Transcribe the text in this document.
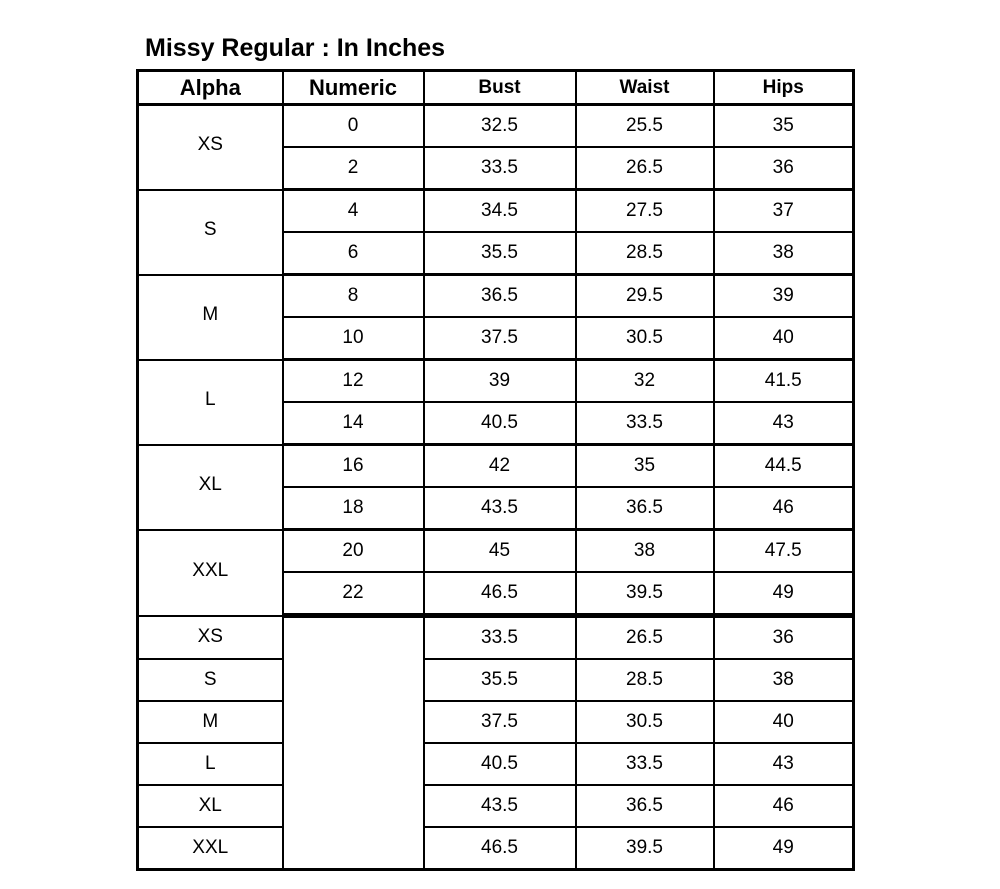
Missy Regular : In Inches
Alpha	Numeric	Bust	Waist	Hips
XS	0	32.5	25.5	35
	2	33.5	26.5	36
S	4	34.5	27.5	37
	6	35.5	28.5	38
M	8	36.5	29.5	39
	10	37.5	30.5	40
L	12	39	32	41.5
	14	40.5	33.5	43
XL	16	42	35	44.5
	18	43.5	36.5	46
XXL	20	45	38	47.5
	22	46.5	39.5	49
XS		33.5	26.5	36
S		35.5	28.5	38
M		37.5	30.5	40
L		40.5	33.5	43
XL		43.5	36.5	46
XXL		46.5	39.5	49
